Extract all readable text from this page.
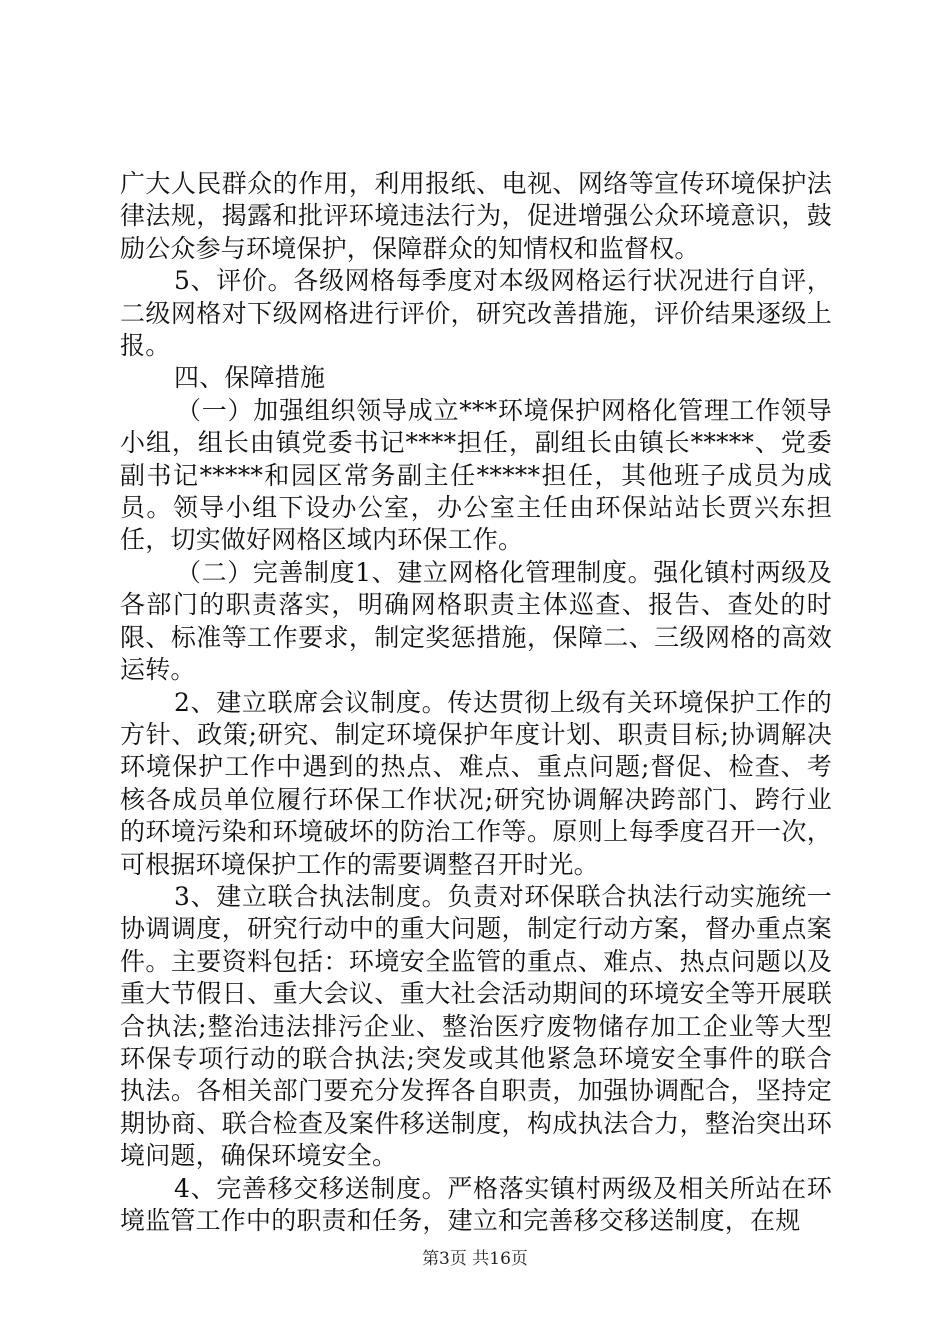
广大人民群众的作用，利用报纸、电视、网络等宣传环境保护法律法规，揭露和批评环境违法行为，促进增强公众环境意识，鼓励公众参与环境保护，保障群众的知情权和监督权。

5、评价。各级网格每季度对本级网格运行状况进行自评，二级网格对下级网格进行评价，研究改善措施，评价结果逐级上报。

四、保障措施

（一）加强组织领导成立***环境保护网格化管理工作领导小组，组长由镇党委书记****担任，副组长由镇长*****、党委副书记*****和园区常务副主任*****担任，其他班子成员为成员。领导小组下设办公室，办公室主任由环保站站长贾兴东担任，切实做好网格区域内环保工作。

（二）完善制度1、建立网格化管理制度。强化镇村两级及各部门的职责落实，明确网格职责主体巡查、报告、查处的时限、标准等工作要求，制定奖惩措施，保障二、三级网格的高效运转。

2、建立联席会议制度。传达贯彻上级有关环境保护工作的方针、政策;研究、制定环境保护年度计划、职责目标;协调解决环境保护工作中遇到的热点、难点、重点问题;督促、检查、考核各成员单位履行环保工作状况;研究协调解决跨部门、跨行业的环境污染和环境破坏的防治工作等。原则上每季度召开一次，可根据环境保护工作的需要调整召开时光。

3、建立联合执法制度。负责对环保联合执法行动实施统一协调调度，研究行动中的重大问题，制定行动方案，督办重点案件。主要资料包括：环境安全监管的重点、难点、热点问题以及重大节假日、重大会议、重大社会活动期间的环境安全等开展联合执法;整治违法排污企业、整治医疗废物储存加工企业等大型环保专项行动的联合执法;突发或其他紧急环境安全事件的联合执法。各相关部门要充分发挥各自职责，加强协调配合，坚持定期协商、联合检查及案件移送制度，构成执法合力，整治突出环境问题，确保环境安全。

4、完善移交移送制度。严格落实镇村两级及相关所站在环境监管工作中的职责和任务，建立和完善移交移送制度，在规

第3页 共16页
